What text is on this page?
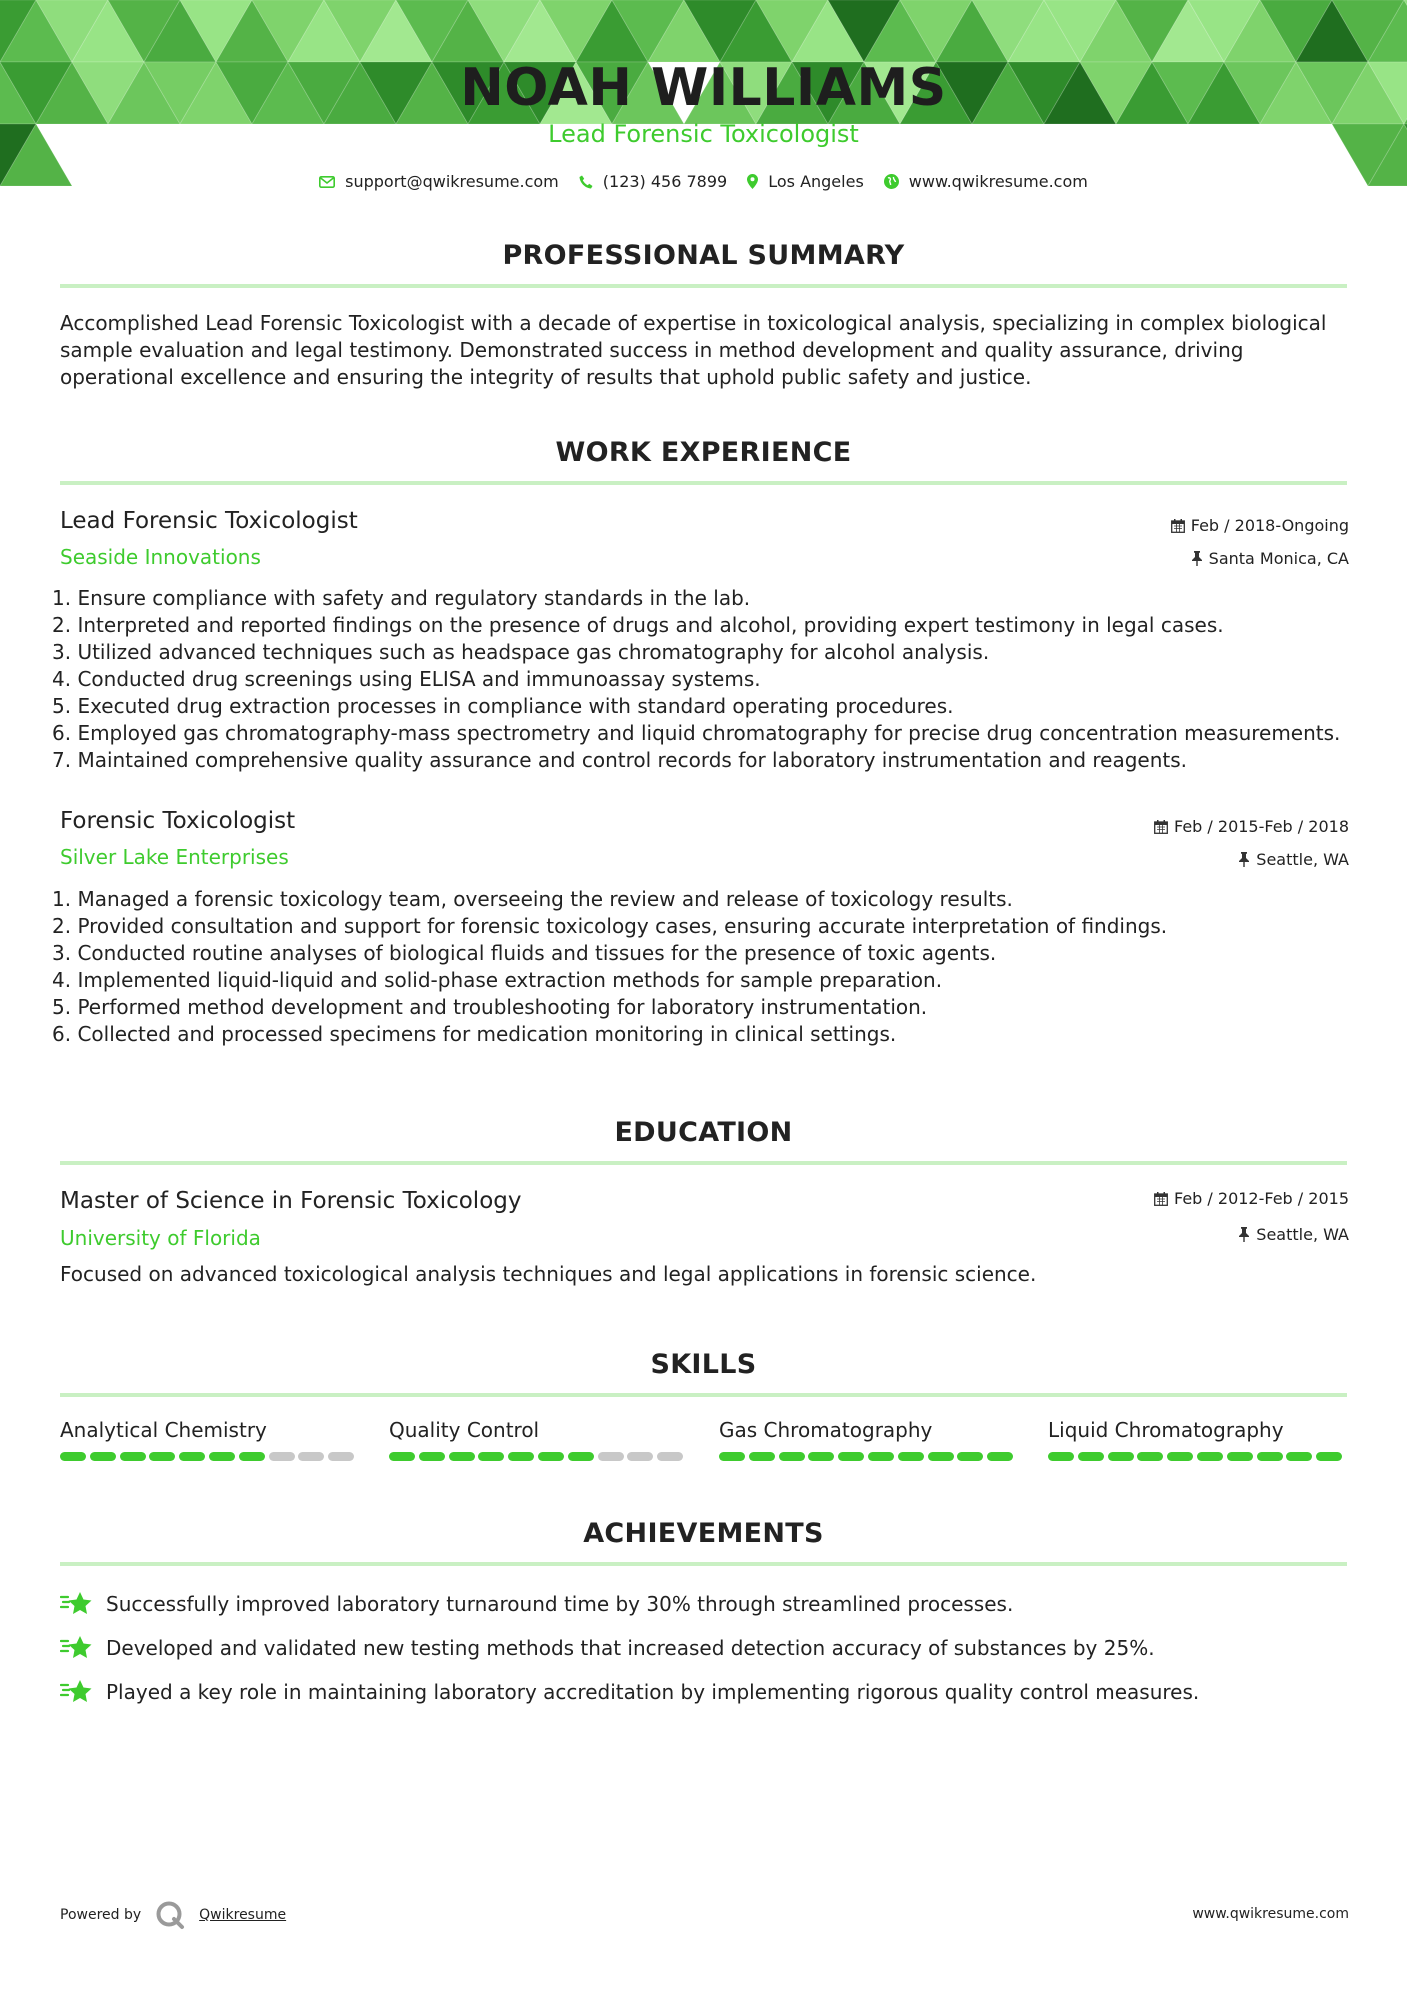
NOAH WILLIAMS
Lead Forensic Toxicologist
support@qwikresume.com	(123) 456 7899	Los Angeles	www.qwikresume.com
PROFESSIONAL SUMMARY
Accomplished Lead Forensic Toxicologist with a decade of expertise in toxicological analysis, specializing in complex biological sample evaluation and legal testimony. Demonstrated success in method development and quality assurance, driving operational excellence and ensuring the integrity of results that uphold public safety and justice.
WORK EXPERIENCE
Lead Forensic Toxicologist
Seaside Innovations
Feb / 2018-Ongoing
Santa Monica, CA
1. Ensure compliance with safety and regulatory standards in the lab.
2. Interpreted and reported findings on the presence of drugs and alcohol, providing expert testimony in legal cases.
3. Utilized advanced techniques such as headspace gas chromatography for alcohol analysis.
4. Conducted drug screenings using ELISA and immunoassay systems.
5. Executed drug extraction processes in compliance with standard operating procedures.
6. Employed gas chromatography-mass spectrometry and liquid chromatography for precise drug concentration measurements.
7. Maintained comprehensive quality assurance and control records for laboratory instrumentation and reagents.
Forensic Toxicologist
Silver Lake Enterprises
Feb / 2015-Feb / 2018
Seattle, WA
1. Managed a forensic toxicology team, overseeing the review and release of toxicology results.
2. Provided consultation and support for forensic toxicology cases, ensuring accurate interpretation of findings.
3. Conducted routine analyses of biological fluids and tissues for the presence of toxic agents.
4. Implemented liquid-liquid and solid-phase extraction methods for sample preparation.
5. Performed method development and troubleshooting for laboratory instrumentation.
6. Collected and processed specimens for medication monitoring in clinical settings.
EDUCATION
Master of Science in Forensic Toxicology
University of Florida
Feb / 2012-Feb / 2015
Seattle, WA
Focused on advanced toxicological analysis techniques and legal applications in forensic science.
SKILLS
Analytical Chemistry	Quality Control	Gas Chromatography	Liquid Chromatography
ACHIEVEMENTS
Successfully improved laboratory turnaround time by 30% through streamlined processes.
Developed and validated new testing methods that increased detection accuracy of substances by 25%.
Played a key role in maintaining laboratory accreditation by implementing rigorous quality control measures.
Powered by	Qwikresume	www.qwikresume.com
